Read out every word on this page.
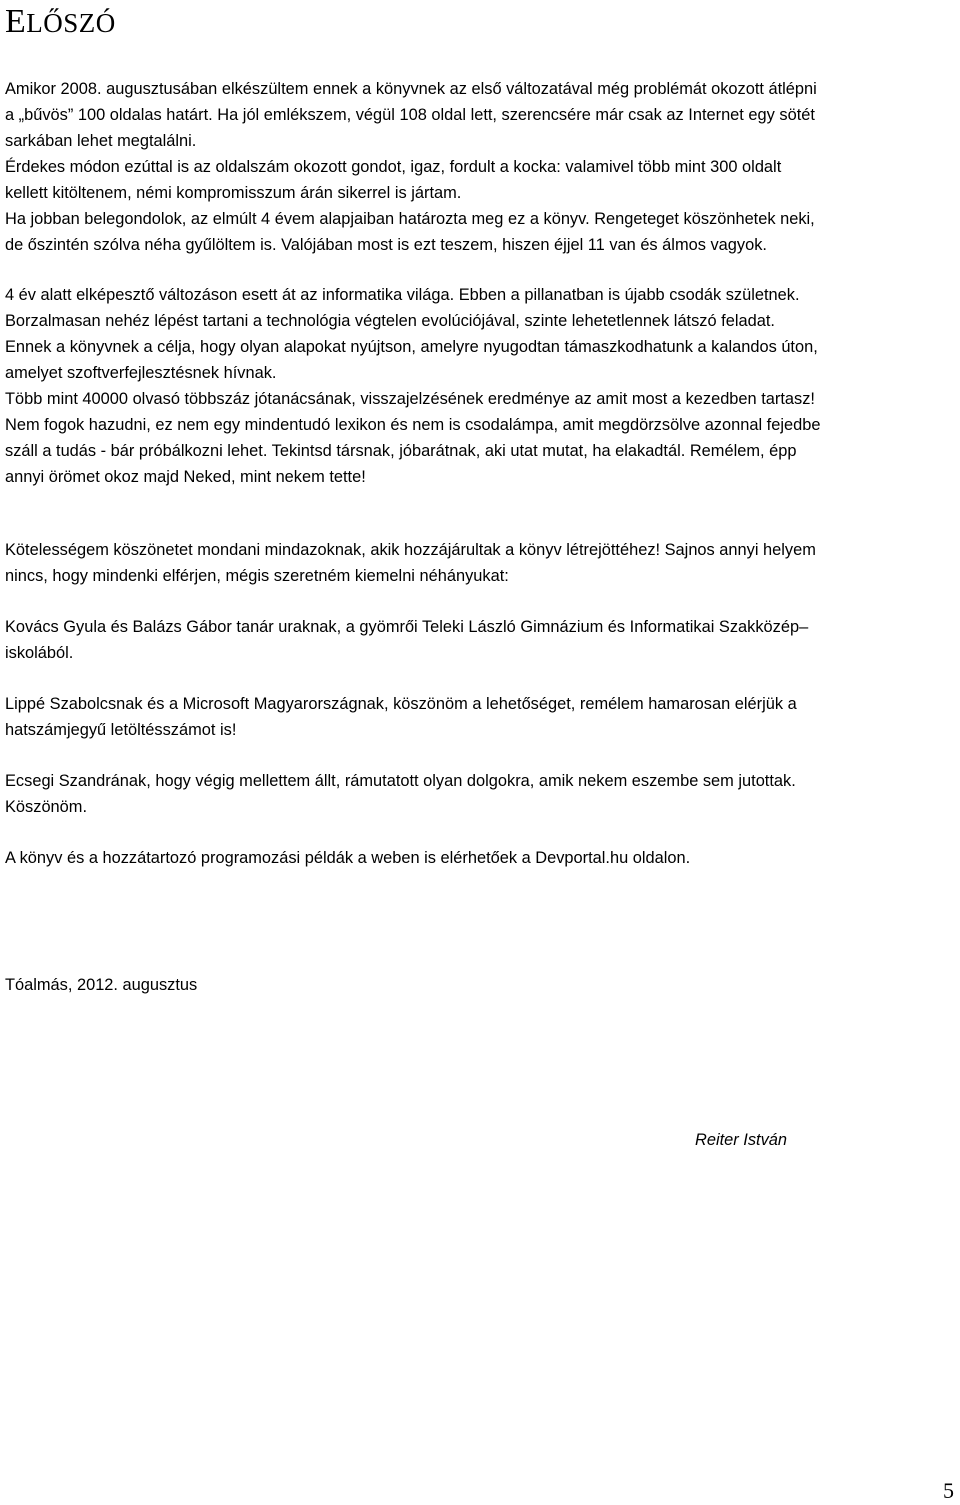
ELŐSZÓ
Amikor 2008. augusztusában elkészültem ennek a könyvnek az első változatával még problémát okozott átlépni
a „bűvös” 100 oldalas határt. Ha jól emlékszem, végül 108 oldal lett, szerencsére már csak az Internet egy sötét
sarkában lehet megtalálni.
Érdekes módon ezúttal is az oldalszám okozott gondot, igaz, fordult a kocka: valamivel több mint 300 oldalt
kellett kitöltenem, némi kompromisszum árán sikerrel is jártam.
Ha jobban belegondolok, az elmúlt 4 évem alapjaiban határozta meg ez a könyv. Rengeteget köszönhetek neki,
de őszintén szólva néha gyűlöltem is. Valójában most is ezt teszem, hiszen éjjel 11 van és álmos vagyok.
4 év alatt elképesztő változáson esett át az informatika világa. Ebben a pillanatban is újabb csodák születnek.
Borzalmasan nehéz lépést tartani a technológia végtelen evolúciójával, szinte lehetetlennek látszó feladat.
Ennek a könyvnek a célja, hogy olyan alapokat nyújtson, amelyre nyugodtan támaszkodhatunk a kalandos úton,
amelyet szoftverfejlesztésnek hívnak.
Több mint 40000 olvasó többszáz jótanácsának, visszajelzésének eredménye az amit most a kezedben tartasz!
Nem fogok hazudni, ez nem egy mindentudó lexikon és nem is csodalámpa, amit megdörzsölve azonnal fejedbe
száll a tudás - bár próbálkozni lehet. Tekintsd társnak, jóbarátnak, aki utat mutat, ha elakadtál. Remélem, épp
annyi örömet okoz majd Neked, mint nekem tette!
Kötelességem köszönetet mondani mindazoknak, akik hozzájárultak a könyv létrejöttéhez! Sajnos annyi helyem
nincs, hogy mindenki elférjen, mégis szeretném kiemelni néhányukat:
Kovács Gyula és Balázs Gábor tanár uraknak, a gyömrői Teleki László Gimnázium és Informatikai Szakközép–
iskolából.
Lippé Szabolcsnak és a Microsoft Magyarországnak, köszönöm a lehetőséget, remélem hamarosan elérjük a
hatszámjegyű letöltésszámot is!
Ecsegi Szandrának, hogy végig mellettem állt, rámutatott olyan dolgokra, amik nekem eszembe sem jutottak.
Köszönöm.
A könyv és a hozzátartozó programozási példák a weben is elérhetőek a Devportal.hu oldalon.
Tóalmás, 2012. augusztus
Reiter István
5
